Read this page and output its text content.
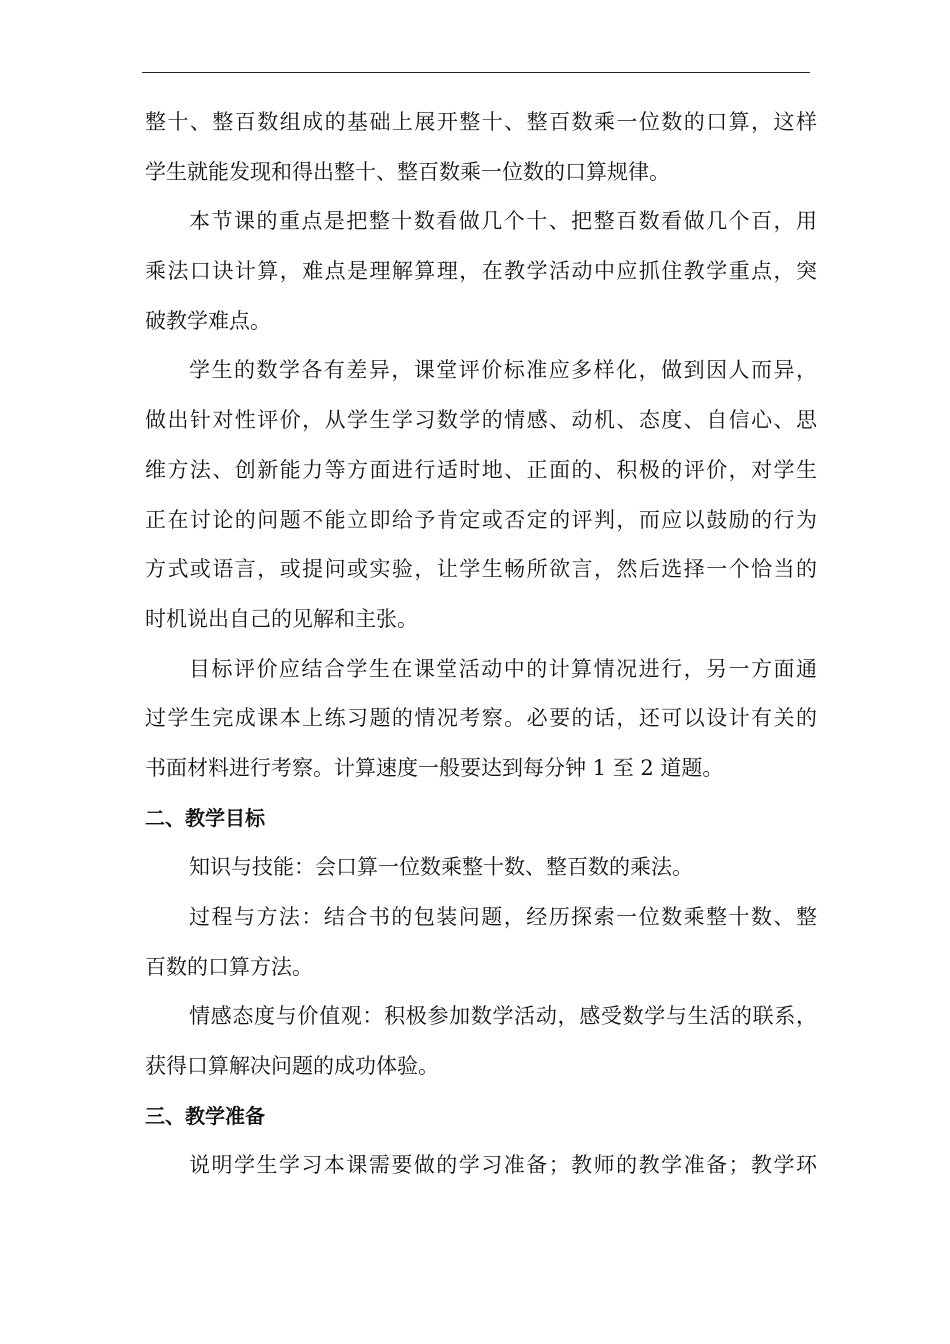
整十、整百数组成的基础上展开整十、整百数乘一位数的口算，这样
学生就能发现和得出整十、整百数乘一位数的口算规律。
本节课的重点是把整十数看做几个十、把整百数看做几个百，用
乘法口诀计算，难点是理解算理，在教学活动中应抓住教学重点，突
破教学难点。
学生的数学各有差异，课堂评价标准应多样化，做到因人而异，
做出针对性评价，从学生学习数学的情感、动机、态度、自信心、思
维方法、创新能力等方面进行适时地、正面的、积极的评价，对学生
正在讨论的问题不能立即给予肯定或否定的评判，而应以鼓励的行为
方式或语言，或提问或实验，让学生畅所欲言，然后选择一个恰当的
时机说出自己的见解和主张。
目标评价应结合学生在课堂活动中的计算情况进行，另一方面通
过学生完成课本上练习题的情况考察。必要的话，还可以设计有关的
书面材料进行考察。计算速度一般要达到每分钟 1 至 2 道题。
二、教学目标
知识与技能：会口算一位数乘整十数、整百数的乘法。
过程与方法：结合书的包装问题，经历探索一位数乘整十数、整
百数的口算方法。
情感态度与价值观：积极参加数学活动，感受数学与生活的联系，
获得口算解决问题的成功体验。
三、教学准备
说明学生学习本课需要做的学习准备；教师的教学准备；教学环
